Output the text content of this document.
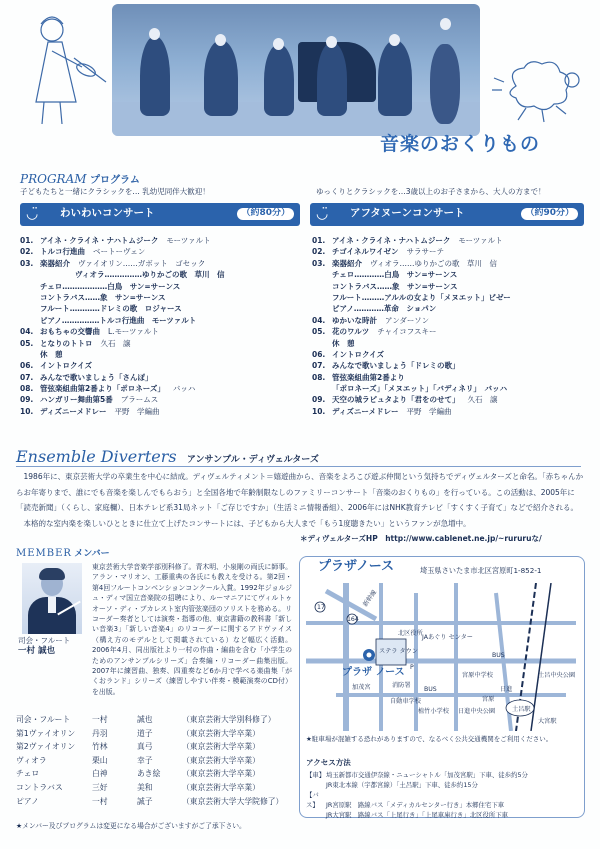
音楽のおくりもの
PROGRAM プログラム
子どもたちと一緒にクラシックを… 乳幼児同伴大歓迎！	ゆっくりとクラシックを…3歳以上のお子さまから、大人の方まで！
◡̈ わいわいコンサート	（約80分） ◡̈ アフタヌーンコンサート	（約90分）
01. アイネ・クライネ・ナハトムジーク モーツァルト
02. トルコ行進曲 ベートーヴェン
03. 楽器紹介 ヴァイオリン……ガボット　ゴセック
ヴィオラ……………ゆりかごの歌　草川　信
チェロ………………白鳥　サン=サーンス
コントラバス……象　サン=サーンス
フルート…………ドレミの歌　ロジャース
ピアノ……………トルコ行進曲　モーツァルト
04. おもちゃの交響曲 L.モーツァルト
05. となりのトトロ 久石　譲
休　憩
06. イントロクイズ
07. みんなで歌いましょう「さんぽ」
08. 管弦楽組曲第2番より「ポロネーズ」 バッハ
09. ハンガリー舞曲第5番 ブラームス
10. ディズニーメドレー 平野　学編曲
01. アイネ・クライネ・ナハトムジーク モーツァルト
02. チゴイネルワイゼン サラサーテ
03. 楽器紹介 ヴィオラ……ゆりかごの歌　草川　信
チェロ…………白鳥　サン=サーンス
コントラバス……象　サン=サーンス
フルート………アルルの女より「メヌエット」ビゼー
ピアノ…………革命　ショパン
04. ゆかいな時計 アンダーソン
05. 花のワルツ チャイコフスキー
休　憩
06. イントロクイズ
07. みんなで歌いましょう「ドレミの歌」
08. 管弦楽組曲第2番より
「ポロネーズ」「メヌエット」「バディネリ」　バッハ
09. 天空の城ラピュタより「君をのせて」 久石　譲
10. ディズニーメドレー 平野　学編曲
Ensemble Diverters アンサンブル・ディヴェルターズ

　1986年に、東京芸術大学の卒業生を中心に結成。ディヴェルティメント＝嬉遊曲から、音楽をよろこび遊ぶ仲間という気持ちでディヴェルターズと命名。「赤ちゃんからお年寄りまで、誰にでも音楽を楽しんでもらおう」と全国各地で年齢制限なしのファミリーコンサート「音楽のおくりもの」を行っている。この活動は、2005年に「読売新聞」（くらし、家庭欄）、日本テレビ系31局ネット「ご存じですか」（生活ミニ情報番組）、2006年にはNHK教育テレビ「すくすく子育て」などで紹介される。

　本格的な室内楽を楽しいひとときに仕立て上げたコンサートには、子どもから大人まで「もう1度聴きたい」というファンが急増中。

＊ディヴェルターズHP　http://www.cablenet.ne.jp/~rururuな/
MEMBER メンバー
司会・フルート
一村 誠也
東京芸術大学音楽学部別科修了。青木明、小泉剛の両氏に師事。アラン・マリオン、工藤重典の各氏にも教えを受ける。第2回・第4回フルートコンベンションコンクール入賞。1992年ジョルジュ・ディマ国立音楽院の招聘により、ルーマニアにてヴィルトゥオーソ・ディ・ブカレスト室内管弦楽団のソリストを務める。リコーダー奏者としては演奏・指導の他、東京書籍の教科書「新しい音楽3」「新しい音楽4」のリコーダーに関するアドヴァイス（構え方のモデルとして掲載されている）など幅広く活動。2006年4月、同出版社より一村の作曲・編曲を含む「小学生のためのアンサンブルシリーズ」合奏編・リコーダー曲集出版。2007年に練習曲、独奏、四重奏など6か月で学べる楽曲集「がくおランド」シリーズ（練習しやすい伴奏・模範演奏のCD付）を出版。
司会・フルート	一村	誠也	（東京芸術大学別科修了）
第1ヴァイオリン	丹羽	道子	（東京芸術大学卒業）
第2ヴァイオリン	竹林	真弓	（東京芸術大学卒業）
ヴィオラ	栗山	幸子	（東京芸術大学卒業）
チェロ	白神	あき絵	（東京芸術大学卒業）
コントラバス	三好	美和	（東京芸術大学卒業）
ピアノ	一村	誠子	（東京芸術大学大学院修了）
★メンバー及びプログラムは変更になる場合がございますがご了承下さい。
プラザノース	埼玉県さいたま市北区宮原町1-852-1
新幹線
17
164
JAあぐり センター
プラザ ノース
ステラ タウン
北区役所
BUS
BUS
宮原中学校
植竹小学校 日進中央公園
土呂中央公園
消防署
土呂駅
日進
宮原
大宮駅
加茂宮
自動車学校
P
★駐車場が混雑する恐れがありますので、なるべく公共交通機関をご利用ください。
アクセス方法
【車】埼玉新都市交通伊奈線・ニューシャトル「加茂宮駅」下車、徒歩約5分
JR東北本線（宇都宮線）「土呂駅」下車、徒歩約15分
【バス】 JR宮原駅　路線バス「メディカルセンター行き」本郷住宅下車
JR大宮駅　路線バス「上尾行き」「上尾車庫行き」北区役所下車
